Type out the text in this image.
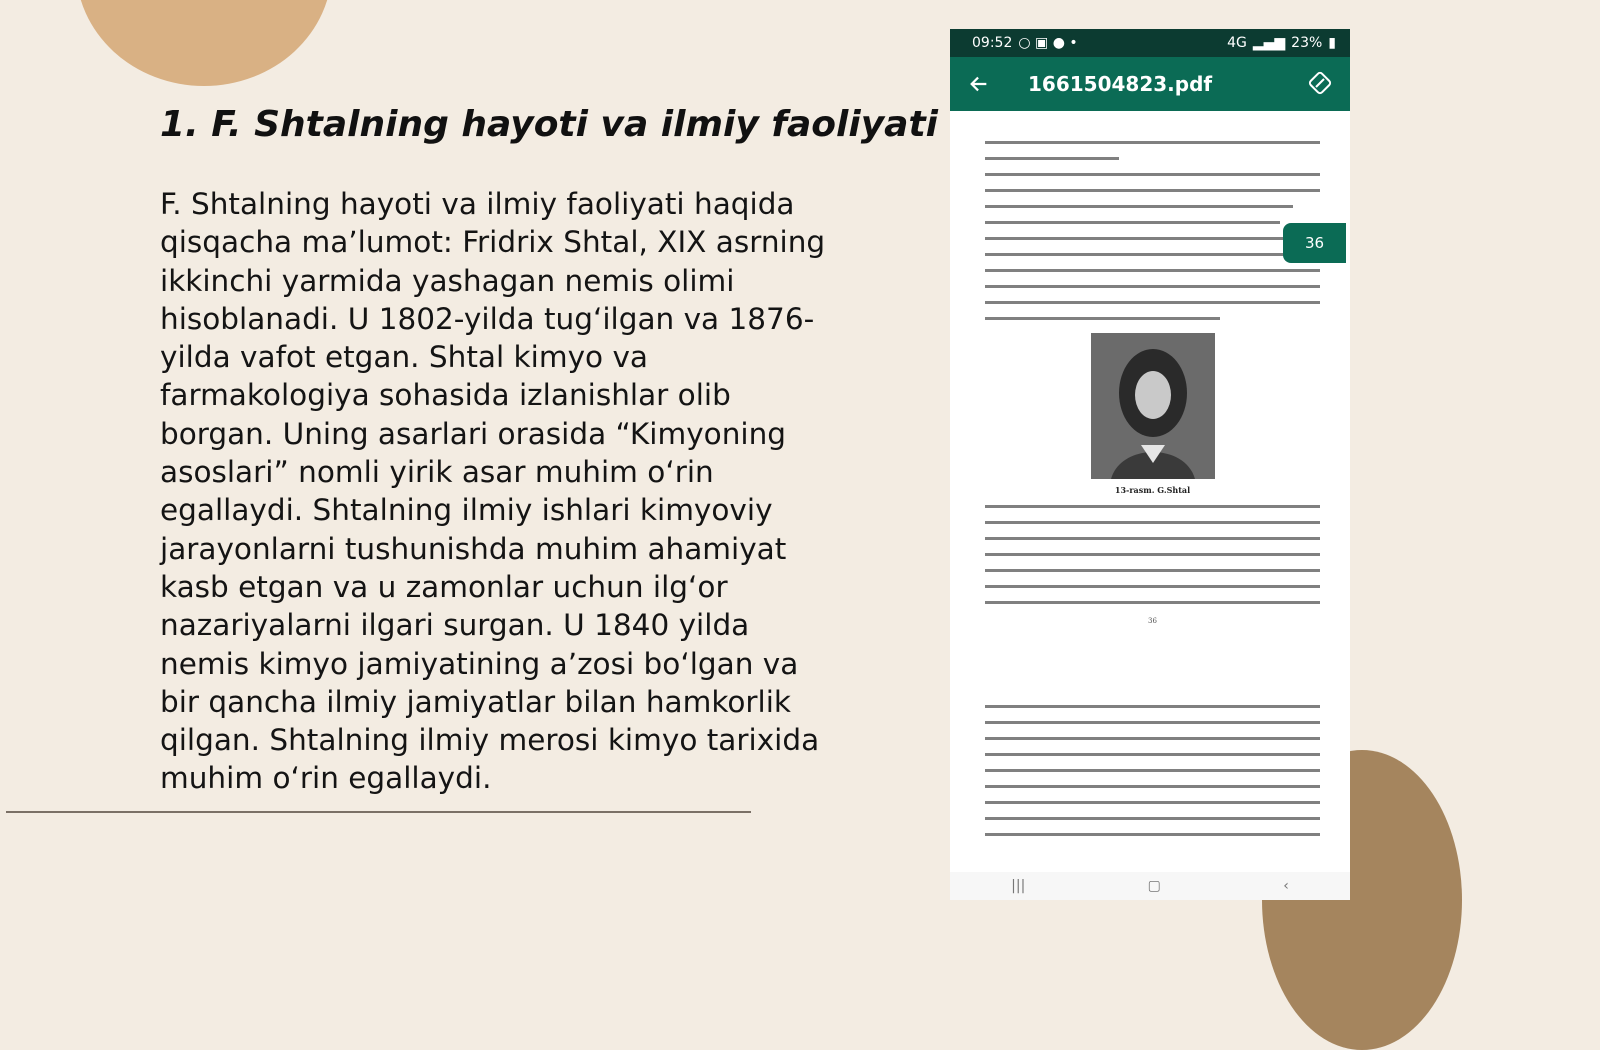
1. F. Shtalning hayoti va ilmiy faoliyati
F. Shtalning hayoti va ilmiy faoliyati haqida qisqacha ma’lumot: Fridrix Shtal, XIX asrning ikkinchi yarmida yashagan nemis olimi hisoblanadi. U 1802-yilda tug‘ilgan va 1876-yilda vafot etgan. Shtal kimyo va farmakologiya sohasida izlanishlar olib borgan. Uning asarlari orasida “Kimyoning asoslari” nomli yirik asar muhim o‘rin egallaydi. Shtalning ilmiy ishlari kimyoviy jarayonlarni tushunishda muhim ahamiyat kasb etgan va u zamonlar uchun ilg‘or nazariyalarni ilgari surgan. U 1840 yilda nemis kimyo jamiyatining a’zosi bo‘lgan va bir qancha ilmiy jamiyatlar bilan hamkorlik qilgan. Shtalning ilmiy merosi kimyo tarixida muhim o‘rin egallaydi.
09:52 ○ ▣ ● •	4G ▂▄▆ 23% ▮
1661504823.pdf
13-rasm. G.Shtal
36
|||	▢	‹
36
